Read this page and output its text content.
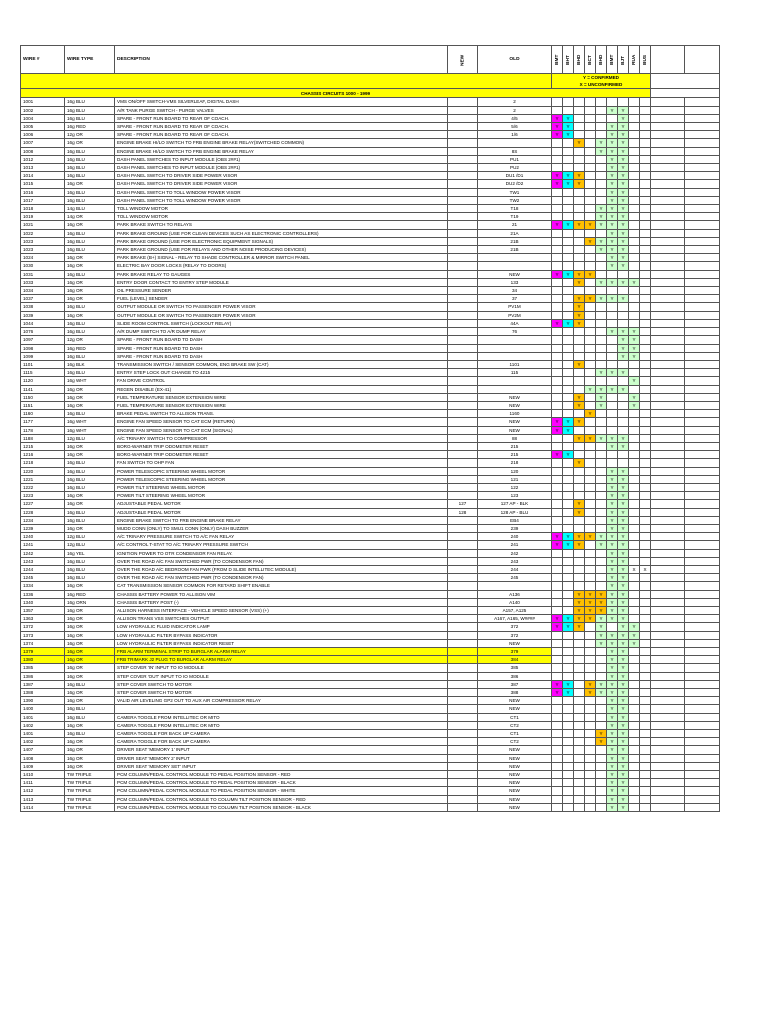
WIRE #	WIRE TYPE	DESCRIPTION	NEW	OLD	BMT	BHT	BHD	BCT	BHD	BMT	BJT	RUA	BUS		

					Y = CONFIRMED
X = UNCONFIRMED										

CHASSIS CIRCUITS 1000 - 1999															
1001	16g BLU	VMS ON/OFF SWITCH-VMS SILVERLEAF, DIGITAL DASH		2											
1002	16g BLU	A/R TANK PURGE SWITCH - PURGE VALVES		2						Y	Y				
1004	16g BLU	SPARE - FRONT RUN BOARD TO REAR OF COACH.		4/5	Y	Y					Y				
1005	16g RED	SPARE - FRONT RUN BOARD TO REAR OF COACH.		5/6	Y	Y				Y	Y				
1006	12g OR	SPARE - FRONT RUN BOARD TO REAR OF COACH.		1/6	Y	Y				Y	Y				
1007	16g OR	ENGINE BRAKE HI/LO SWITCH TO FRB ENGINE BRAKE RELAY(SWITCHED COMMON)					Y		Y	Y	Y				
1008	16g BLU	ENGINE BRAKE HI/LO SWITCH TO FRB ENGINE BRAKE RELAY		8S					Y	Y	Y				
1012	16g BLU	DASH PANEL SWITCHES TO INPUT MODULE (OBS 2##1)		PU1						Y	Y				
1013	16g BLU	DASH PANEL SWITCHES TO INPUT MODULE (OBS 2##1)		PU2						Y	Y				
1014	16g BLU	DASH PANEL SWITCH TO DRIVER SIDE POWER VISOR		DU1 /D1	Y	Y	Y			Y	Y				
1015	16g OR	DASH PANEL SWITCH TO DRIVER SIDE POWER VISOR		DU2 /D2	Y	Y	Y			Y	Y				
1016	16g BLU	DASH PANEL SWITCH TO TOLL WINDOW POWER VISOR		TW1						Y	Y				
1017	16g BLU	DASH PANEL SWITCH TO TOLL WINDOW POWER VISOR		TW2						Y	Y				
1018	14g BLU	TOLL WINDOW MOTOR		T18					Y	Y	Y				
1019	14g OR	TOLL WINDOW MOTOR		T19					Y	Y	Y				
1021	16g OR	PARK BRAKE SWITCH TO RELAYS		21	Y	Y	Y	Y	Y	Y	Y				
1022	16g BLU	PARK BRAKE GROUND (USE FOR CLEAN DEVICES SUCH AS ELECTRONIC CONTROLLERS)		21A						Y	Y				
1023	16g BLU	PARK BRAKE GROUND (USE FOR ELECTRONIC EQUIPMENT SIGNALS)		21B				Y	Y	Y	Y				
1023	16g BLU	PARK BRAKE GROUND (USE FOR RELAYS AND OTHER NOISE PRODUCING DEVICES)		21B					Y	Y	Y				
1024	16g OR	PARK BRAKE (B+) SIGNAL - RELAY TO SHADE CONTROLLER & MIRROR SWITCH PANEL								Y	Y				
1030	16g OR	ELECTRIC BAY DOOR LOCKS (RELAY TO DOORS)								Y	Y				
1031	16g BLU	PARK BRAKE RELAY TO GAUGES		NEW	Y	Y	Y	Y							
1033	16g OR	ENTRY DOOR CONTACT TO ENTRY STEP MODULE		133			Y		Y	Y	Y	Y			
1034	16g OR	OIL PRESSURE SENDER		34											
1037	16g OR	FUEL (LEVEL) SENDER		37			Y	Y	Y	Y	Y				
1038	16g BLU	OUTPUT MODULE OR SWITCH TO PASSENGER POWER VISOR		PV1M			Y								
1039	16g OR	OUTPUT MODULE OR SWITCH TO PASSENGER POWER VISOR		PV2M			Y								
1044	16g BLU	SLIDE ROOM CONTROL SWITCH (LOCKOUT RELAY)		44A	Y	Y	Y								
1076	16g BLU	A/R DUMP SWITCH TO A/R DUMP RELAY		76						Y	Y	Y			
1097	12g OR	SPARE - FRONT RUN BOARD TO DASH									Y	Y			
1098	16g RED	SPARE - FRONT RUN BOARD TO DASH									Y	Y			
1099	16g BLU	SPARE - FRONT RUN BOARD TO DASH									Y	Y			
1101	16g BLK	TRANSMISSION SWITCH / SENSOR COMMON, ENG BRAKE SW (CAT)		1101			Y								
1115	16g BLU	ENTRY STEP LOCK OUT CHANGE TO 4215		115					Y	Y	Y				
1120	16g WHT	FAN DRIVE CONTROL										Y			
1141	16g OR	REGEN DISABLE (EX-41)						Y	Y	Y	Y				
1150	16g OR	FUEL TEMPERATURE SENSOR EXTENSION WIRE		NEW			Y		Y			Y			
1151	16g OR	FUEL TEMPERATURE SENSOR EXTENSION WIRE		NEW			Y		Y			Y			
1160	16g BLU	BRAKE PEDAL SWITCH TO ALLISON TRANS.		1160				Y							
1177	16g WHT	ENGINE FAN SPEED SENSOR TO CAT ECM (RETURN)		NEW	Y	Y	Y								
1178	16g WHT	ENGINE FAN SPEED SENSOR TO CAT ECM (SIGNAL)		NEW	Y	Y									
1188	12g BLU	A/C TRINARY SWITCH TO COMPRESSOR		88			Y	Y	Y	Y	Y				
1215	16g OR	BORG-WARNER TRIP ODOMETER RESET		215						Y	Y				
1216	16g OR	BORG-WARNER TRIP ODOMETER RESET		215	Y	Y									
1218	16g BLU	FAN SWITCH TO OHP FAN		218			Y								
1220	16g BLU	POWER TELESCOPIC STEERING WHEEL MOTOR		120						Y	Y				
1221	16g BLU	POWER TELESCOPIC STEERING WHEEL MOTOR		121						Y	Y				
1222	16g BLU	POWER TILT STEERING WHEEL MOTOR		122						Y	Y				
1223	16g OR	POWER TILT STEERING WHEEL MOTOR		123						Y	Y				
1227	16g OR	ADJUSTABLE PEDAL MOTOR	127	127 AP - BLK			Y			Y	Y				
1228	16g BLU	ADJUSTABLE PEDAL MOTOR	128	128 AP - BLU			Y			Y	Y				
1234	16g BLU	ENGINE BRAKE SWITCH TO FRB ENGINE BRAKE RELAY		EB4						Y	Y				
1239	16g OR	MUDD CONN (ONLY) TO SMU1 CONN (ONLY) DASH BUZZER		239						Y	Y				
1240	12g BLU	A/C TRINARY PRESSURE SWITCH TO A/C FAN RELAY		240	Y	Y	Y	Y	Y	Y	Y				
1241	12g BLU	A/C CONTROL T-STAT TO A/C TRINARY PRESSURE SWITCH		241	Y	Y	Y		Y	Y	Y				
1242	16g YEL	IGNITION POWER TO OTR CONDENSOR FAN RELAY.		242						Y	Y				
1243	16g BLU	OVER THE ROAD A/C FAN SWITCHED PWR (TO CONDENSOR FAN)		243						Y	Y				
1244	16g BLU	OVER THE ROAD A/C BEDROOM FAN PWR (FROM D SLIDE INTELLITEC MODULE)		244						Y	Y	X	X		
1245	16g BLU	OVER THE ROAD A/C FAN SWITCHED PWR (TO CONDENSOR FAN)		245						Y	Y				
1334	16g OR	CAT TRANSMISSION SENSOR COMMON FOR RETARD SHIFT ENABLE								Y	Y				
1336	16g RED	CHASSIS BATTERY POWER TO ALLISON VIM		A136			Y	Y	Y	Y	Y				
1340	16g ORN	CHASSIS BATTERY POST (-)		A140			Y	Y	Y	Y	Y				
1357	16g OR	ALLISON HARNESS INTERFACE - VEHICLE SPEED SENSOR (VSS) (+)		A157, A125			Y	Y	Y	Y	Y				
1363	16g OR	ALLISON TRANS VSS SWITCHES OUTPUT		A167, A165, W####	Y	Y	Y	Y	Y	Y	Y				
1372	16g OR	LOW HYDRAULIC FLUID INDICATOR LAMP		372	Y	Y	Y		Y		Y	Y			
1373	16g OR	LOW HYDRAULIC FILTER BYPASS INDICATOR		372					Y	Y	Y	Y			
1374	16g OR	LOW HYDRAULIC FILTER BYPASS INDICATOR RESET		NEW					Y	Y	Y	Y			
1379	16g OR	FRB ALARM TERMINAL STRIP TO BURGLAR ALARM RELAY		379						Y	Y				
1380	16g OR	FRB TRIMARK J2 PLUG TO BURGLAR ALARM RELAY		384						Y	Y				
1385	16g OR	STEP COVER 'IN' INPUT TO IO MODULE		385						Y	Y				
1386	16g OR	STEP COVER 'OUT' INPUT TO IO MODULE		386						Y	Y				
1387	16g BLU	STEP COVER SWITCH TO MOTOR		387	Y	Y		Y	Y	Y	Y				
1388	16g OR	STEP COVER SWITCH TO MOTOR		388	Y	Y		Y	Y	Y	Y				
1390	16g OR	VALID AIR LEVELING GP2 OUT TO AUX AIR COMPRESSOR RELAY		NEW						Y	Y				
1400	16g BLU			NEW						Y	Y				
1401	16g BLU	CAMERA TOGGLE FROM INTELLITEC OR MITO		CT1						Y	Y				
1402	16g OR	CAMERA TOGGLE FROM INTELLITEC OR MITO		CT2						Y	Y				
1401	16g BLU	CAMERA TOGGLE FOR BACK UP CAMERA		CT1					Y	Y	Y				
1402	16g OR	CAMERA TOGGLE FOR BACK UP CAMERA		CT2					Y	Y	Y				
1407	16g OR	DRIVER SEAT 'MEMORY 1' INPUT		NEW						Y	Y				
1408	16g OR	DRIVER SEAT 'MEMORY 2' INPUT		NEW						Y	Y				
1409	16g OR	DRIVER SEAT 'MEMORY SET' INPUT		NEW						Y	Y				
1410	TW TRIPLE	PCM COLUMN/PEDAL CONTROL MODULE TO PEDAL POSITION SENSOR - RED		NEW						Y	Y				
1411	TW TRIPLE	PCM COLUMN/PEDAL CONTROL MODULE TO PEDAL POSITION SENSOR - BLACK		NEW						Y	Y				
1412	TW TRIPLE	PCM COLUMN/PEDAL CONTROL MODULE TO PEDAL POSITION SENSOR - WHITE		NEW						Y	Y				
1413	TW TRIPLE	PCM COLUMN/PEDAL CONTROL MODULE TO COLUMN TILT POSITION SENSOR - RED		NEW						Y	Y				
1414	TW TRIPLE	PCM COLUMN/PEDAL CONTROL MODULE TO COLUMN TILT POSITION SENSOR - BLACK		NEW						Y	Y				
